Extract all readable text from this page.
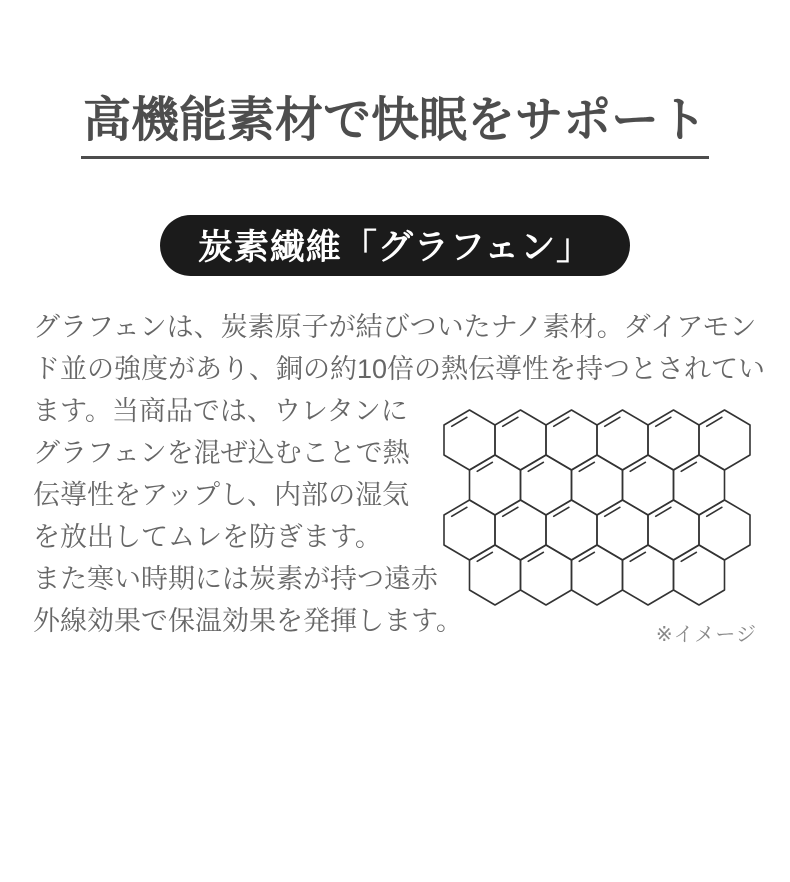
高機能素材で快眠をサポート
炭素繊維「グラフェン」
グラフェンは、炭素原子が結びついたナノ素材。ダイアモン
ド並の強度があり、銅の約10倍の熱伝導性を持つとされてい
ます。当商品では、ウレタンに
グラフェンを混ぜ込むことで熱
伝導性をアップし、内部の湿気
を放出してムレを防ぎます。
また寒い時期には炭素が持つ遠赤
外線効果で保温効果を発揮します。	※イメージ
